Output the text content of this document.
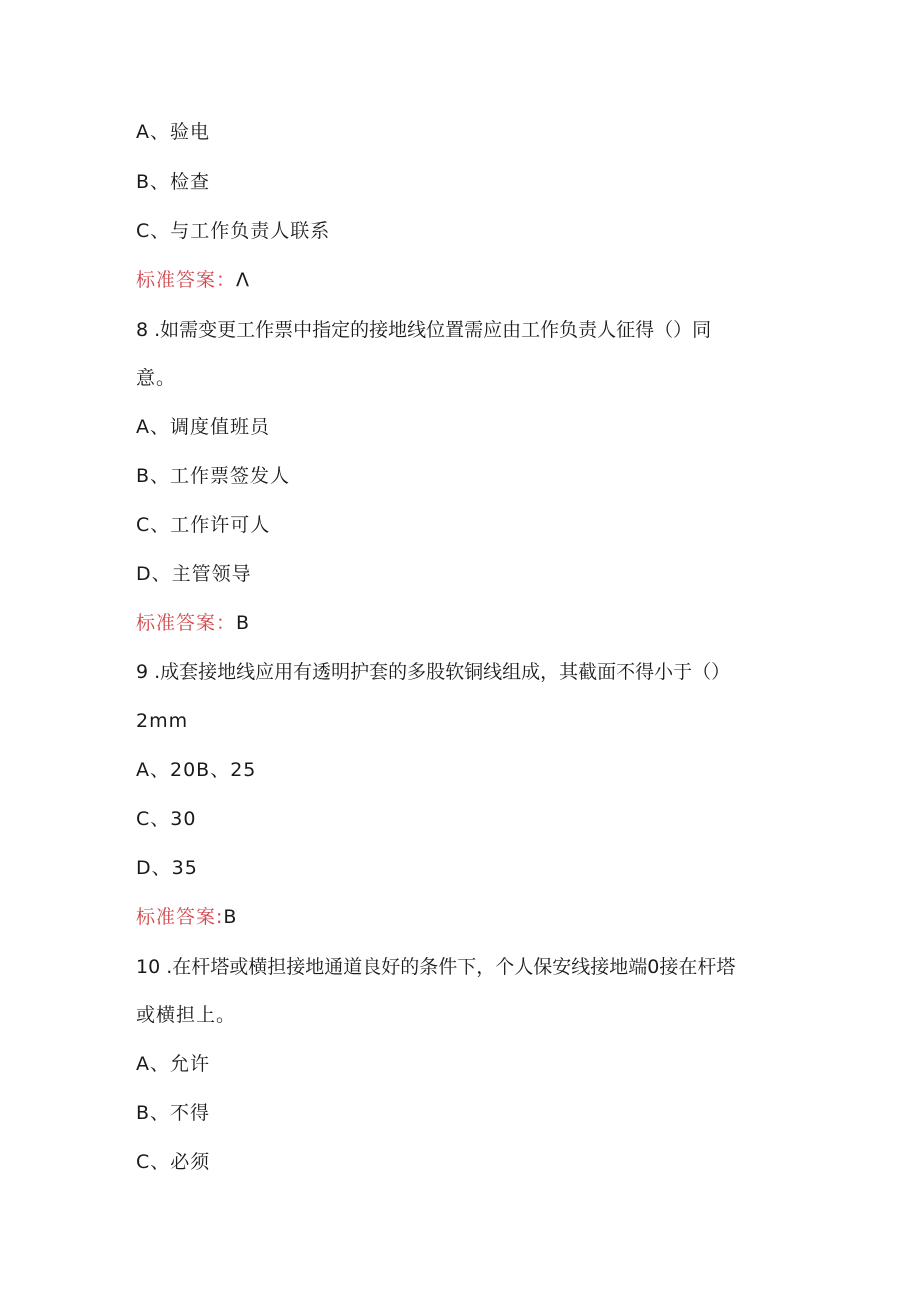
A、验电
B、检查
C、与工作负责人联系
标准答案：Λ
8 .如需变更工作票中指定的接地线位置需应由工作负责人征得（）同
意。
A、调度值班员
B、工作票签发人
C、工作许可人
D、主管领导
标准答案：B
9 .成套接地线应用有透明护套的多股软铜线组成，其截面不得小于（）
2mm
A、20B、25
C、30
D、35
标准答案:B
10 .在杆塔或横担接地通道良好的条件下，个人保安线接地端0接在杆塔
或横担上。
A、允许
B、不得
C、必须
